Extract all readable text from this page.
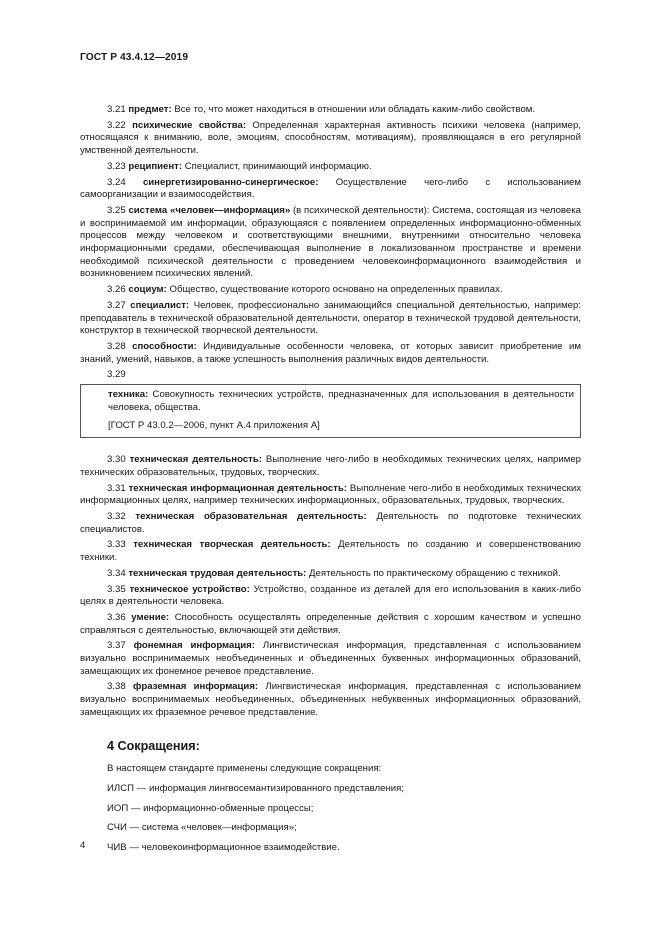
ГОСТ Р 43.4.12—2019

3.21 предмет: Все то, что может находиться в отношении или обладать каким-либо свойством.

3.22 психические свойства: Определенная характерная активность психики человека (например, относящаяся к вниманию, воле, эмоциям, способностям, мотивациям), проявляющаяся в его регулярной умственной деятельности.

3.23 реципиент: Специалист, принимающий информацию.

3.24 синергетизированно-синергическое: Осуществление чего-либо с использованием самоорганизации и взаимосодействия.

3.25 система «человек—информация» (в психической деятельности): Система, состоящая из человека и воспринимаемой им информации, образующаяся с появлением определенных информационно-обменных процессов между человеком и соответствующими внешними, внутренними относительно человека информационными средами, обеспечивающая выполнение в локализованном пространстве и времени необходимой психической деятельности с проведением человекоинформационного взаимодействия и возникновением психических явлений.

3.26 социум: Общество, существование которого основано на определенных правилах.

3.27 специалист: Человек, профессионально занимающийся специальной деятельностью, например: преподаватель в технической образовательной деятельности, оператор в технической трудовой деятельности, конструктор в технической творческой деятельности.

3.28 способности: Индивидуальные особенности человека, от которых зависит приобретение им знаний, умений, навыков, а также успешность выполнения различных видов деятельности.

3.29

техника: Совокупность технических устройств, предназначенных для использования в деятельности человека, общества.

[ГОСТ Р 43.0.2—2006, пункт А.4 приложения А]

3.30 техническая деятельность: Выполнение чего-либо в необходимых технических целях, например технических образовательных, трудовых, творческих.

3.31 техническая информационная деятельность: Выполнение чего-либо в необходимых технических информационных целях, например технических информационных, образовательных, трудовых, творческих.

3.32 техническая образовательная деятельность: Деятельность по подготовке технических специалистов.

3.33 техническая творческая деятельность: Деятельность по созданию и совершенствованию техники.

3.34 техническая трудовая деятельность: Деятельность по практическому обращению с техникой.

3.35 техническое устройство: Устройство, созданное из деталей для его использования в каких-либо целях в деятельности человека.

3.36 умение: Способность осуществлять определенные действия с хорошим качеством и успешно справляться с деятельностью, включающей эти действия.

3.37 фонемная информация: Лингвистическая информация, представленная с использованием визуально воспринимаемых необъединенных и объединенных буквенных информационных образований, замещающих их фонемное речевое представление.

3.38 фраземная информация: Лингвистическая информация, представленная с использованием визуально воспринимаемых необъединенных, объединенных небуквенных информационных образований, замещающих их фраземное речевое представление.

4 Сокращения:

В настоящем стандарте применены следующие сокращения:

ИЛСП — информация лингвосемантизированного представления;

ИОП — информационно-обменные процессы;

СЧИ — система «человек—информация»;

ЧИВ — человекоинформационное взаимодействие.

4
